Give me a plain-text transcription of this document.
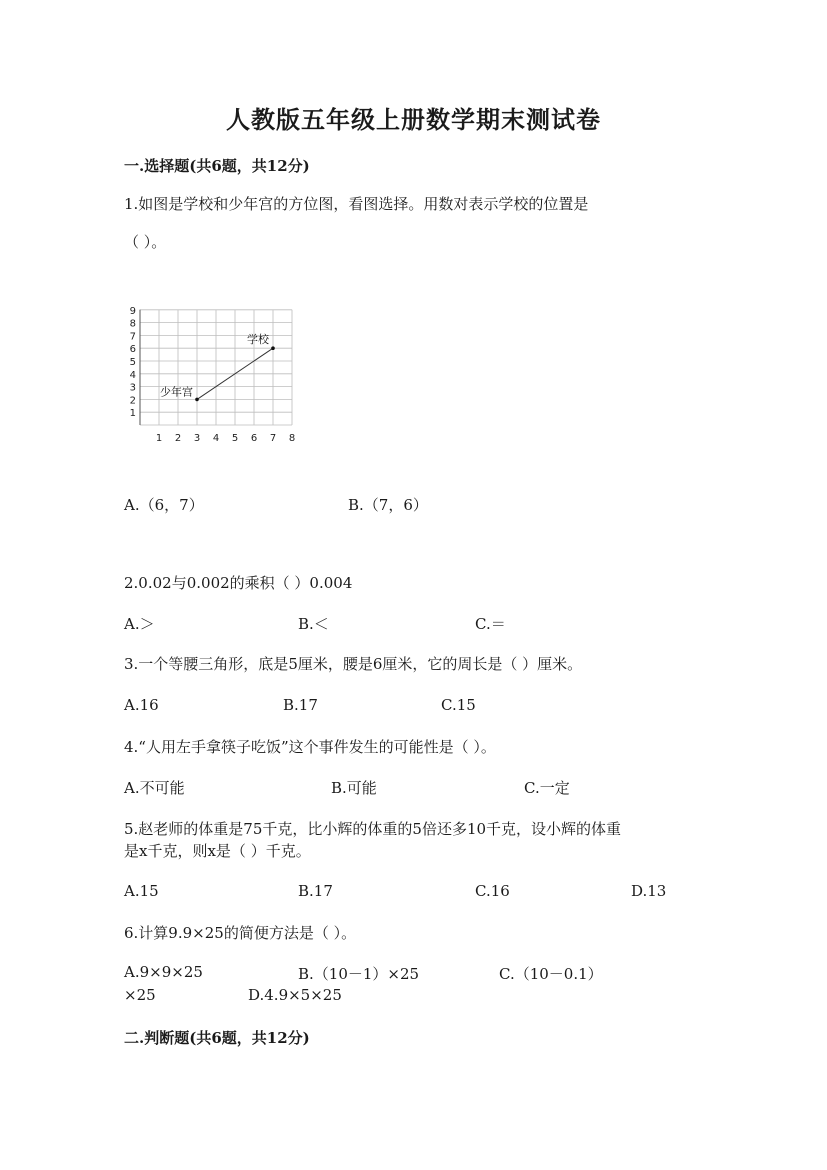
人教版五年级上册数学期末测试卷
一.选择题(共6题，共12分)
1.如图是学校和少年宫的方位图，看图选择。用数对表示学校的位置是
（ ）。
9
8
7
6
5
4
3
2
1
1 2 3 4 5 6 7 8
学校
少年宫
A.（6，7）	B.（7，6）
2.0.02与0.002的乘积（ ）0.004
A.＞	B.＜	C.＝
3.一个等腰三角形，底是5厘米，腰是6厘米，它的周长是（ ）厘米。
A.16	B.17	C.15
4.“人用左手拿筷子吃饭”这个事件发生的可能性是（ ）。
A.不可能	B.可能	C.一定
5.赵老师的体重是75千克，比小辉的体重的5倍还多10千克，设小辉的体重
是x千克，则x是（ ）千克。
A.15	B.17	C.16	D.13
6.计算9.9×25的简便方法是（ ）。
A.9×9×25	B.（10－1）×25	C.（10－0.1）
×25	D.4.9×5×25
二.判断题(共6题，共12分)
